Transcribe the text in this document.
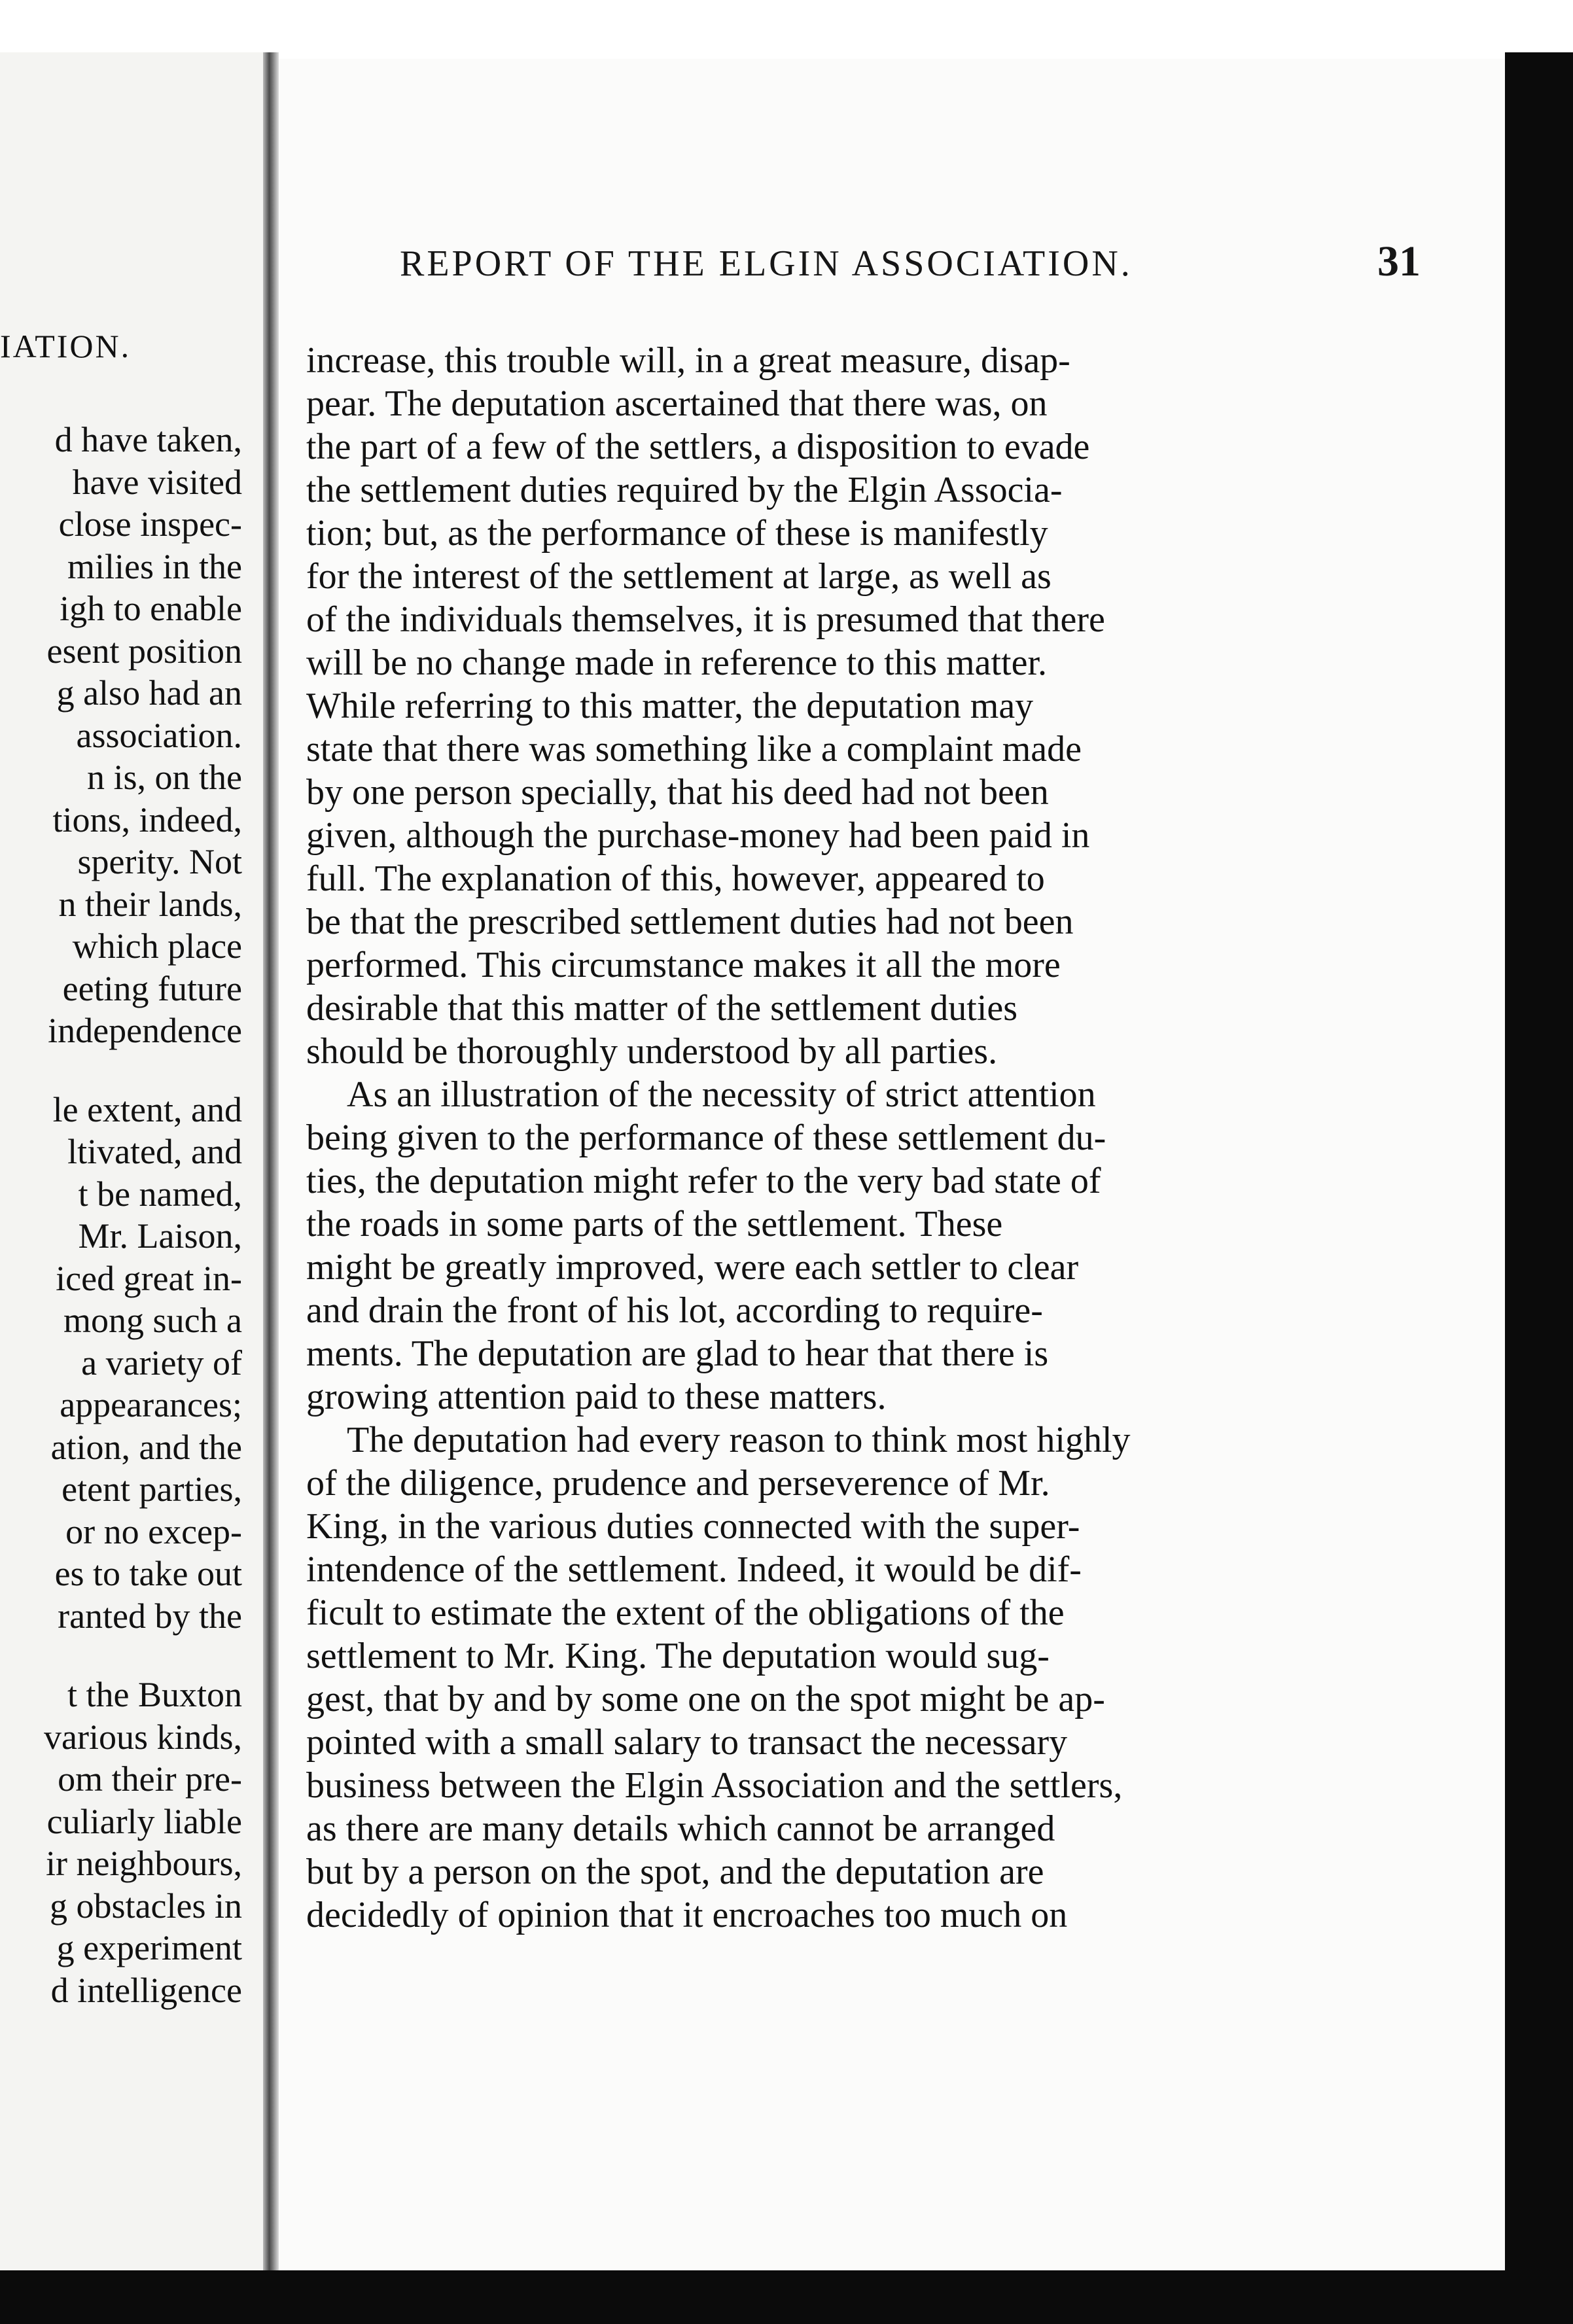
IATION.
d have taken,
have visited
close inspec-
milies in the
igh to enable
esent position
g also had an
association.
n is, on the
tions, indeed,
sperity. Not
n their lands,
which place
eeting future
independence
le extent, and
ltivated, and
t be named,
Mr. Laison,
iced great in-
mong such a
a variety of
appearances;
ation, and the
etent parties,
or no excep-
es to take out
ranted by the
t the Buxton
various kinds,
om their pre-
culiarly liable
ir neighbours,
g obstacles in
g experiment
d intelligence
REPORT OF THE ELGIN ASSOCIATION.	31
increase, this trouble will, in a great measure, disap-
pear. The deputation ascertained that there was, on
the part of a few of the settlers, a disposition to evade
the settlement duties required by the Elgin Associa-
tion; but, as the performance of these is manifestly
for the interest of the settlement at large, as well as
of the individuals themselves, it is presumed that there
will be no change made in reference to this matter.
While referring to this matter, the deputation may
state that there was something like a complaint made
by one person specially, that his deed had not been
given, although the purchase-money had been paid in
full. The explanation of this, however, appeared to
be that the prescribed settlement duties had not been
performed. This circumstance makes it all the more
desirable that this matter of the settlement duties
should be thoroughly understood by all parties.
As an illustration of the necessity of strict attention
being given to the performance of these settlement du-
ties, the deputation might refer to the very bad state of
the roads in some parts of the settlement. These
might be greatly improved, were each settler to clear
and drain the front of his lot, according to require-
ments. The deputation are glad to hear that there is
growing attention paid to these matters.
The deputation had every reason to think most highly
of the diligence, prudence and perseverence of Mr.
King, in the various duties connected with the super-
intendence of the settlement. Indeed, it would be dif-
ficult to estimate the extent of the obligations of the
settlement to Mr. King. The deputation would sug-
gest, that by and by some one on the spot might be ap-
pointed with a small salary to transact the necessary
business between the Elgin Association and the settlers,
as there are many details which cannot be arranged
but by a person on the spot, and the deputation are
decidedly of opinion that it encroaches too much on
